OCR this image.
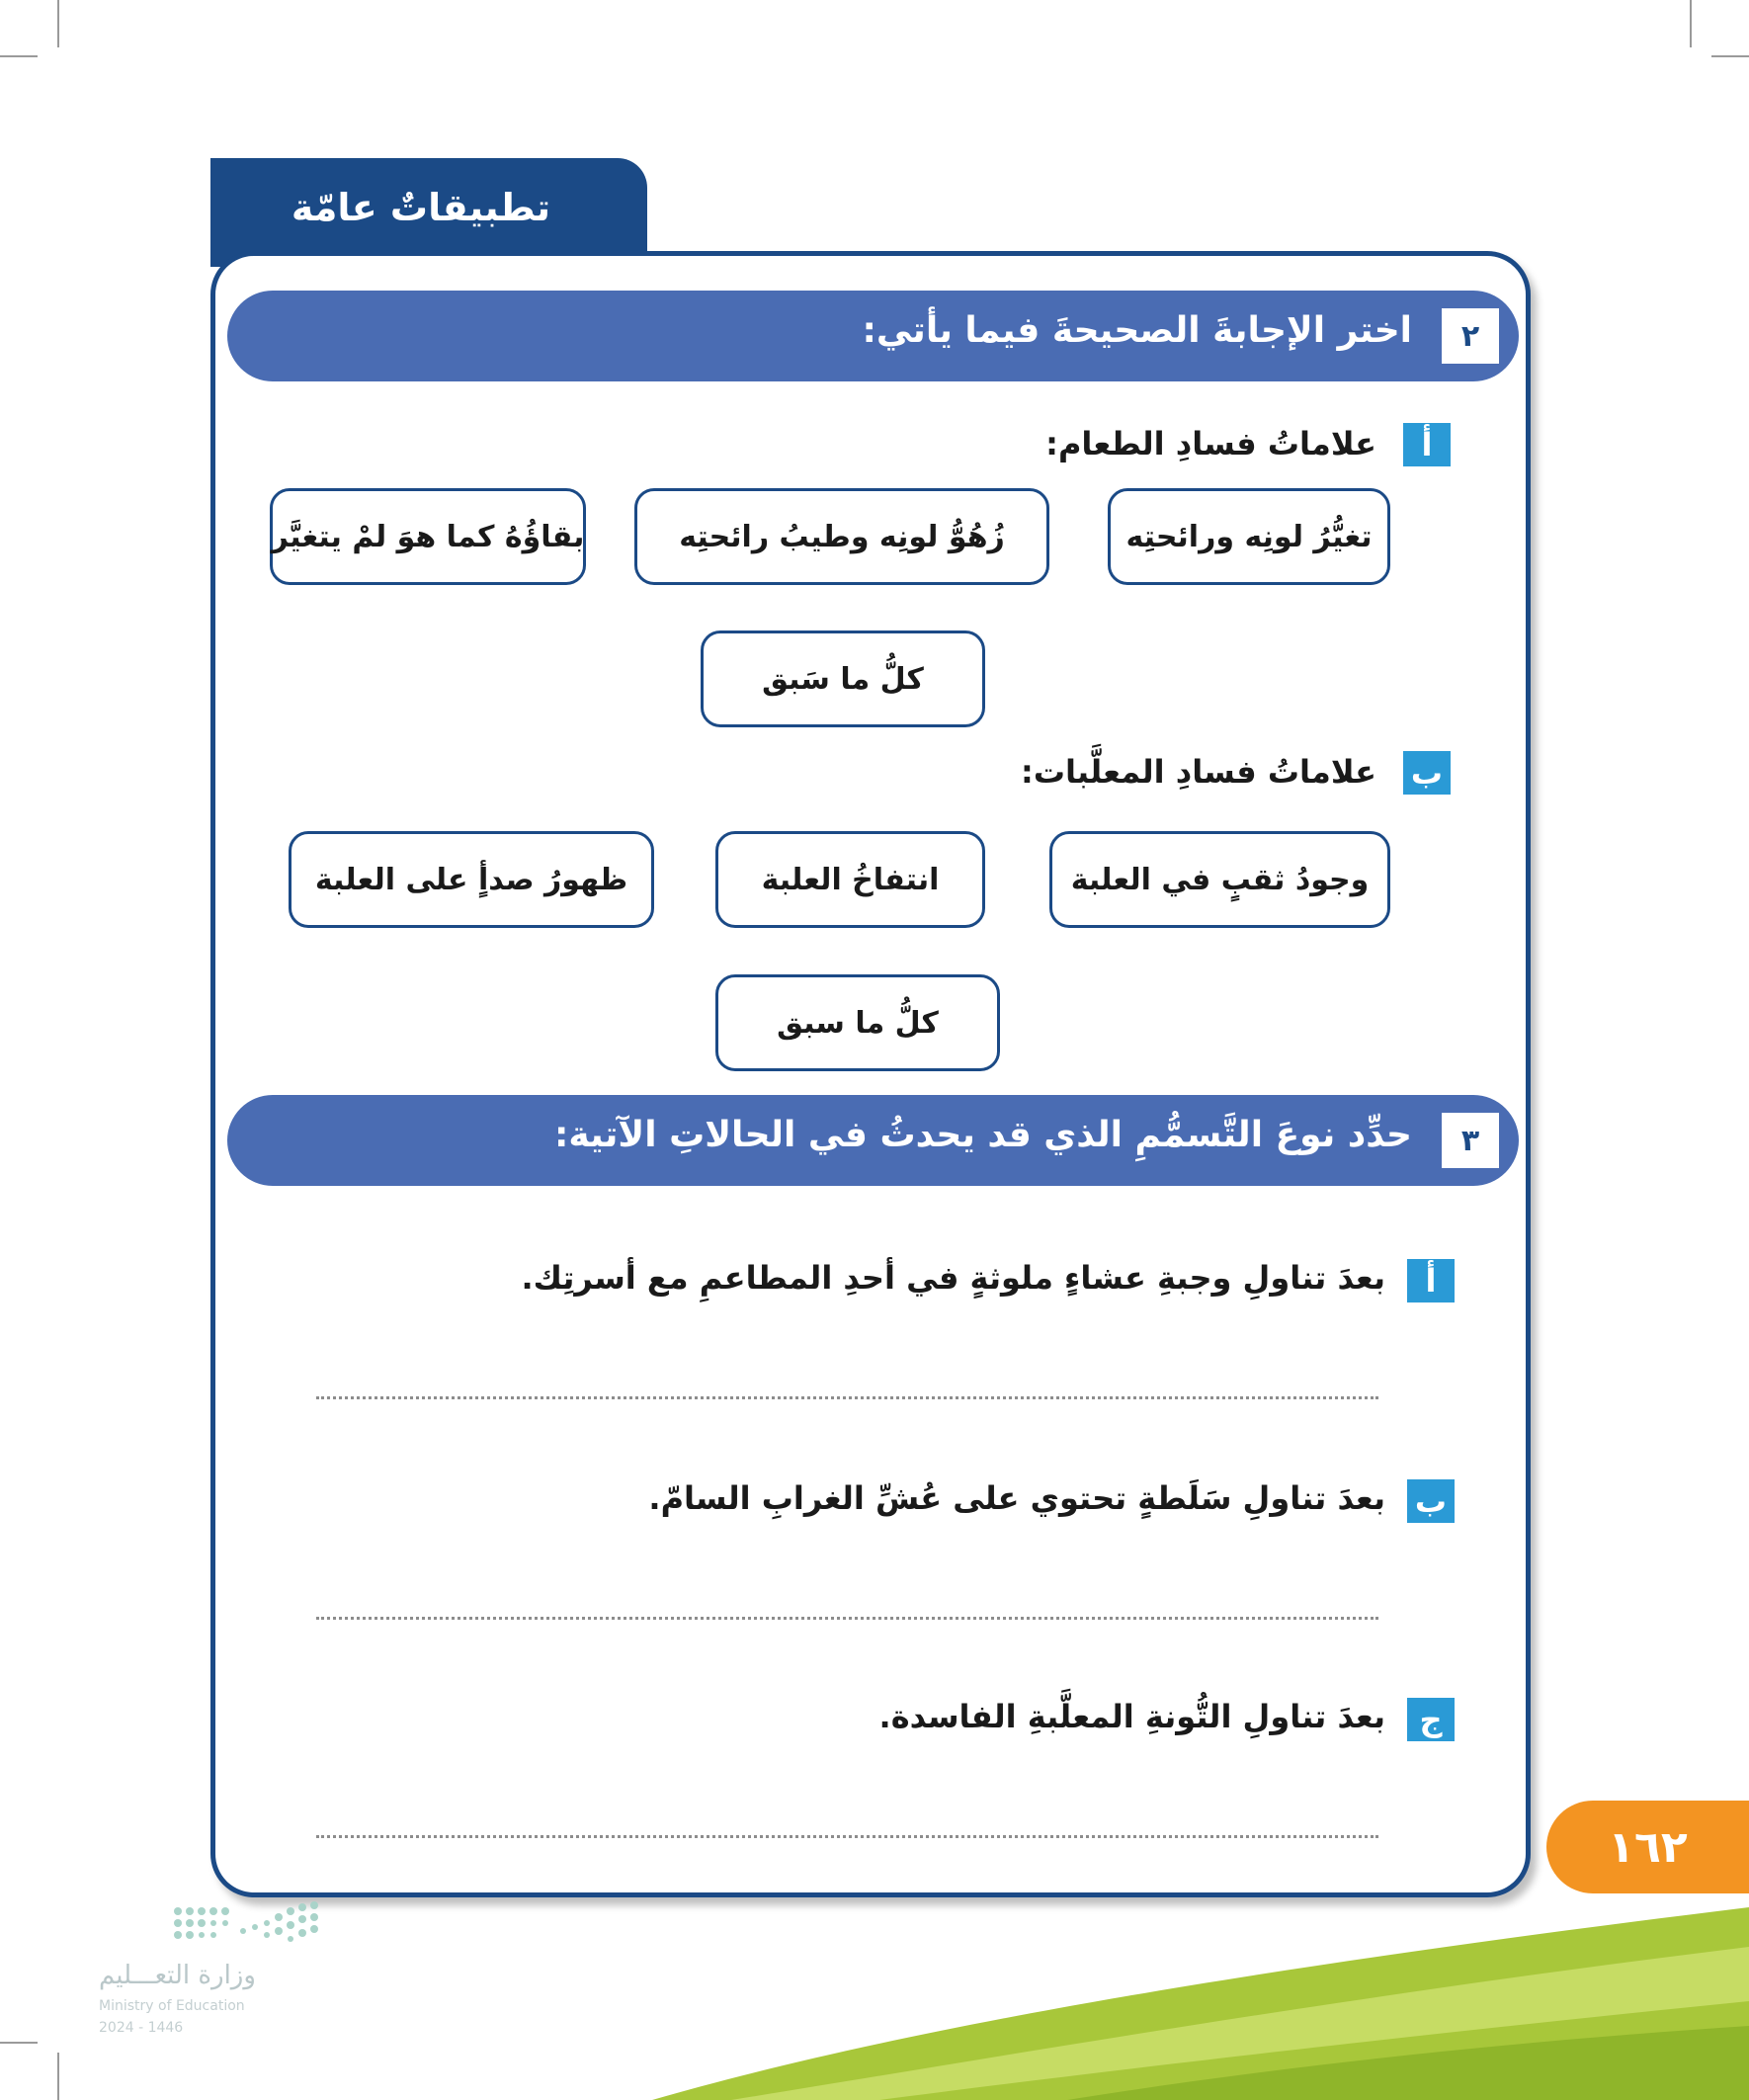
تطبيقاتٌ عامّة
٢
اختر الإجابةَ الصحيحةَ فيما يأتي:
أ
علاماتُ فسادِ الطعام:
تغيُّرُ لونِه ورائحتِه
زُهُوُّ لونِه وطيبُ رائحتِه
بقاؤُهُ كما هوَ لمْ يتغيَّر
كلُّ ما سَبق
ب
علاماتُ فسادِ المعلَّبات:
وجودُ ثقبٍ في العلبة
انتفاخُ العلبة
ظهورُ صدأٍ على العلبة
كلُّ ما سبق
٣
حدِّد نوعَ التَّسمُّمِ الذي قد يحدثُ في الحالاتِ الآتية:
أ
بعدَ تناولِ وجبةِ عشاءٍ ملوثةٍ في أحدِ المطاعمِ مع أسرتِك.
ب
بعدَ تناولِ سَلَطةٍ تحتوي على عُشِّ الغرابِ السامّ.
ج
بعدَ تناولِ التُّونةِ المعلَّبةِ الفاسدة.
١٦٢
وزارة التعـــليم
Ministry of Education
2024 - 1446
